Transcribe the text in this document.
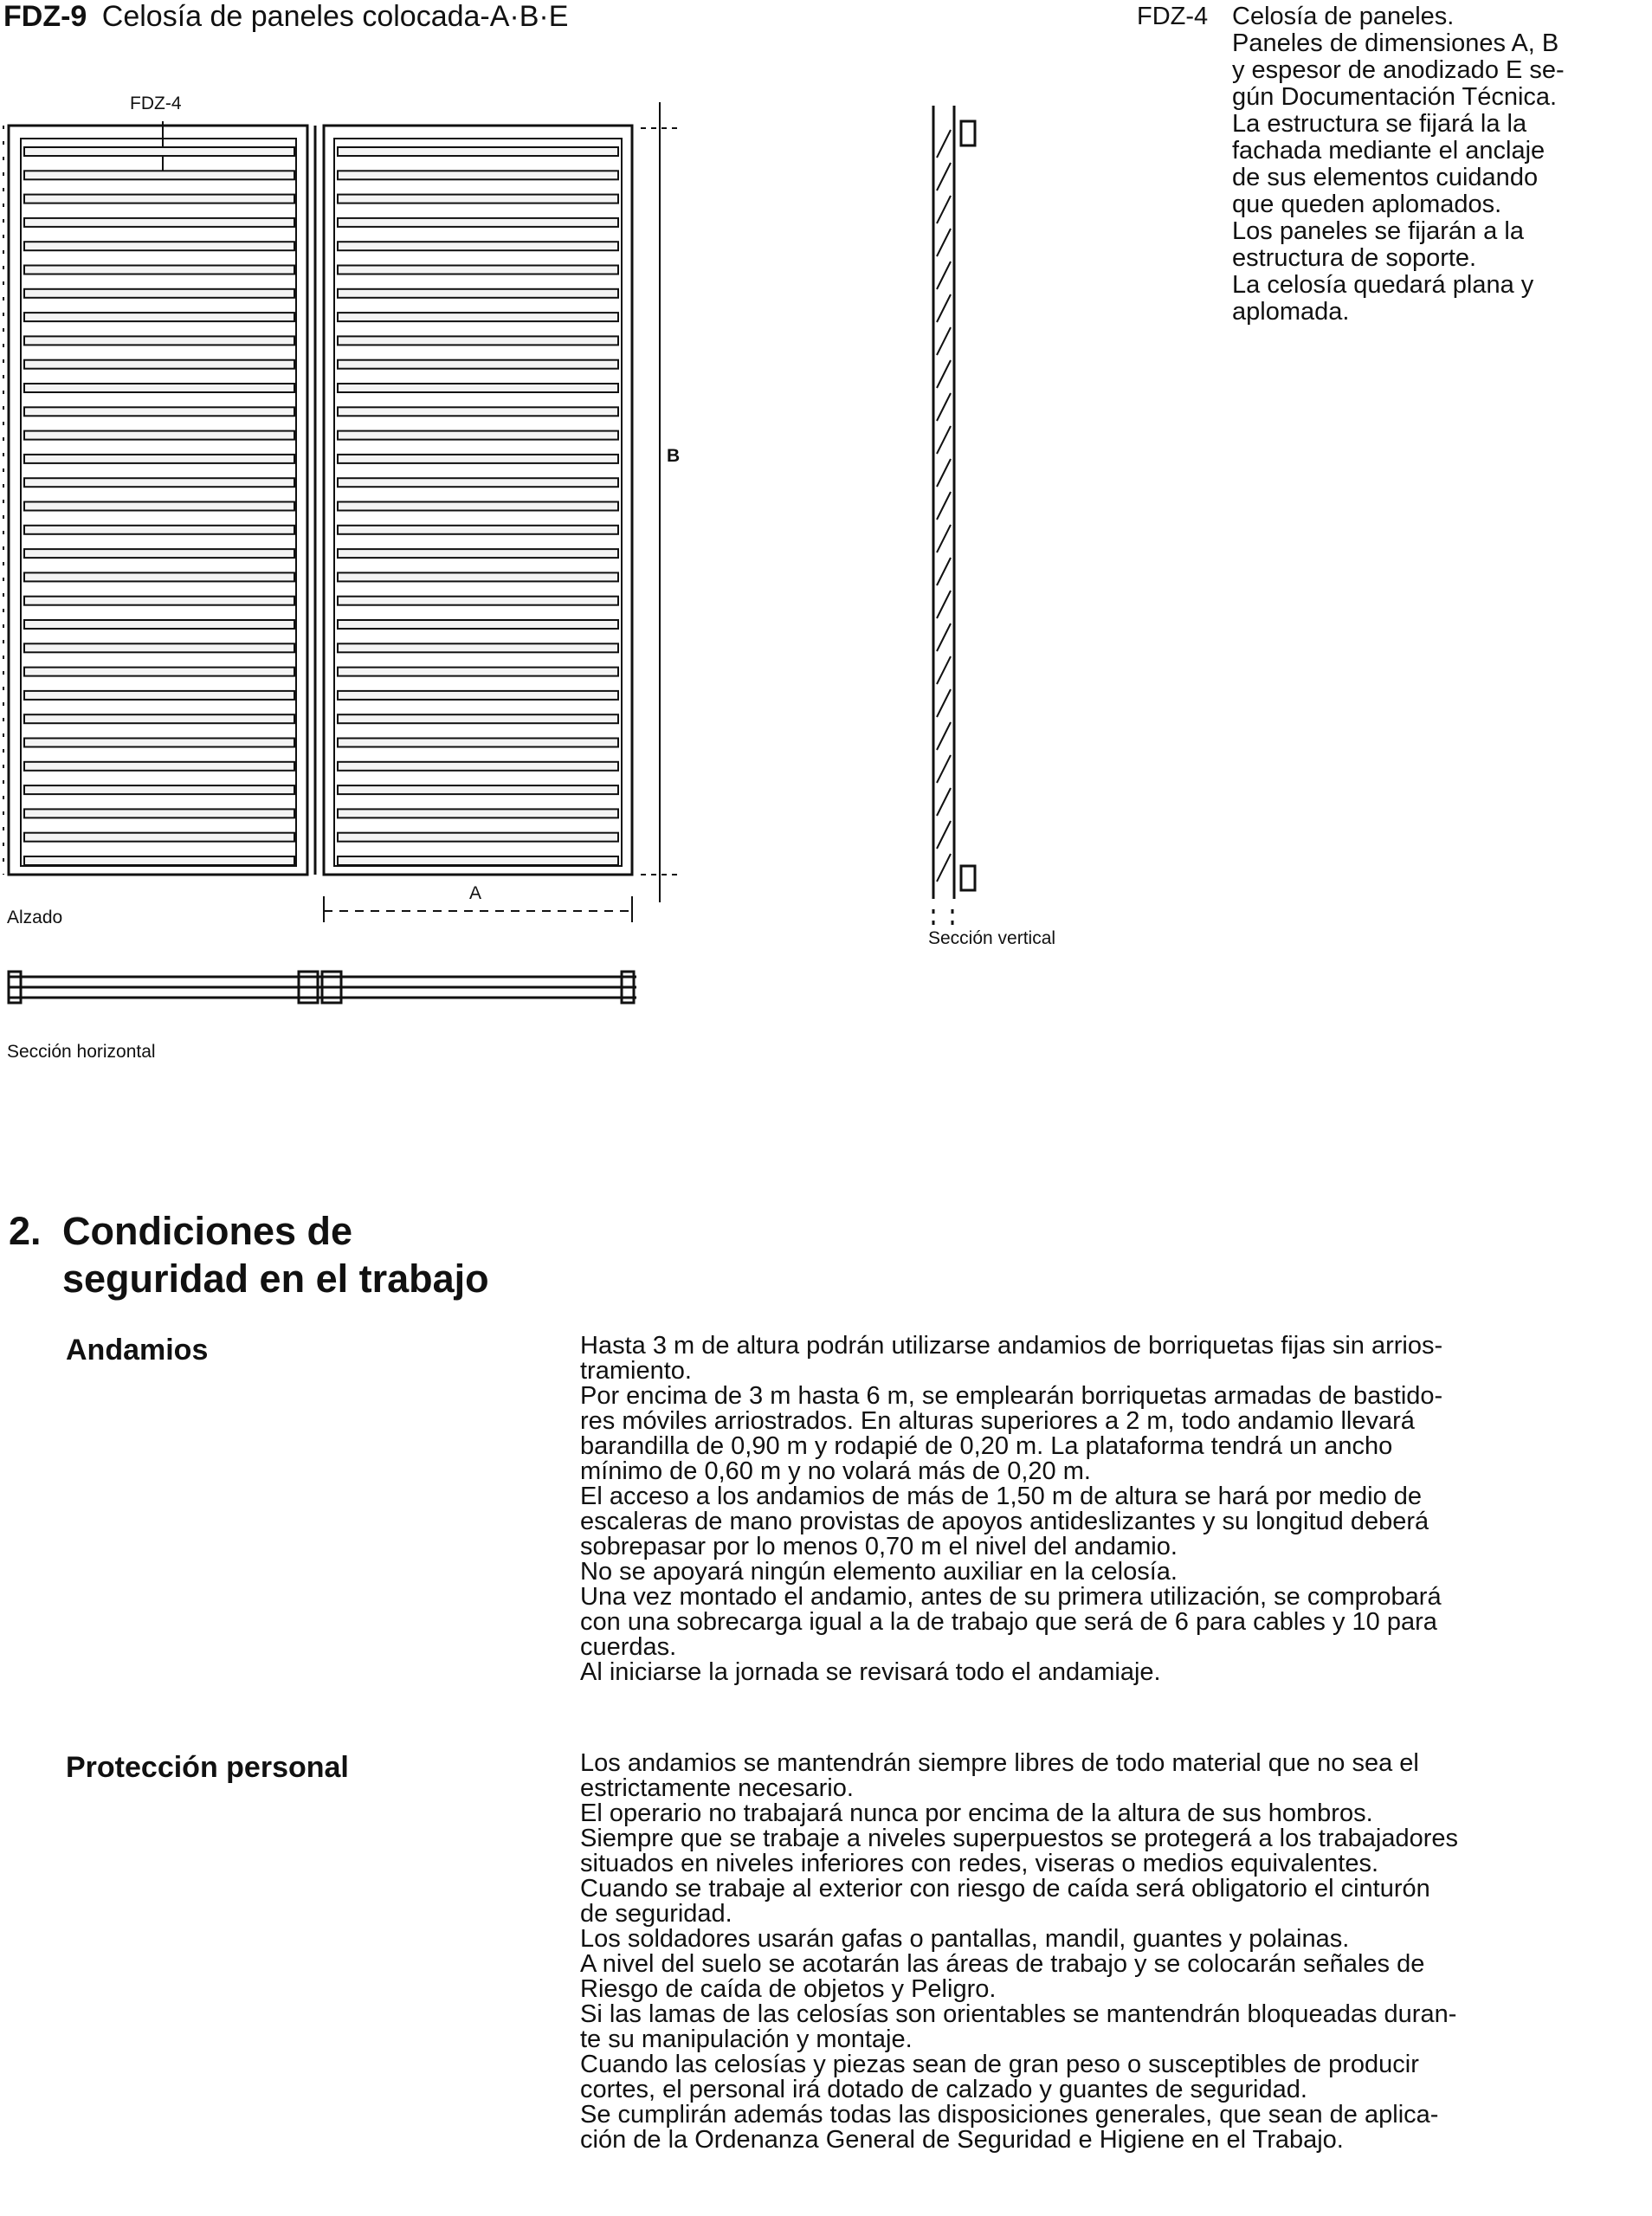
FDZ-9 Celosía de paneles colocada-A·B·E
FDZ-4
B
A
Alzado
Sección horizontal
Sección vertical
FDZ-4 Celosía de paneles.
Paneles de dimensiones A, B
y espesor de anodizado E se-
gún Documentación Técnica.
La estructura se fijará la la
fachada mediante el anclaje
de sus elementos cuidando
que queden aplomados.
Los paneles se fijarán a la
estructura de soporte.
La celosía quedará plana y
aplomada.
2. Condiciones de
seguridad en el trabajo
Andamios	Hasta 3 m de altura podrán utilizarse andamios de borriquetas fijas sin arrios-
tramiento.
Por encima de 3 m hasta 6 m, se emplearán borriquetas armadas de bastido-
res móviles arriostrados. En alturas superiores a 2 m, todo andamio llevará
barandilla de 0,90 m y rodapié de 0,20 m. La plataforma tendrá un ancho
mínimo de 0,60 m y no volará más de 0,20 m.
El acceso a los andamios de más de 1,50 m de altura se hará por medio de
escaleras de mano provistas de apoyos antideslizantes y su longitud deberá
sobrepasar por lo menos 0,70 m el nivel del andamio.
No se apoyará ningún elemento auxiliar en la celosía.
Una vez montado el andamio, antes de su primera utilización, se comprobará
con una sobrecarga igual a la de trabajo que será de 6 para cables y 10 para
cuerdas.
Al iniciarse la jornada se revisará todo el andamiaje.
Protección personal	Los andamios se mantendrán siempre libres de todo material que no sea el
estrictamente necesario.
El operario no trabajará nunca por encima de la altura de sus hombros.
Siempre que se trabaje a niveles superpuestos se protegerá a los trabajadores
situados en niveles inferiores con redes, viseras o medios equivalentes.
Cuando se trabaje al exterior con riesgo de caída será obligatorio el cinturón
de seguridad.
Los soldadores usarán gafas o pantallas, mandil, guantes y polainas.
A nivel del suelo se acotarán las áreas de trabajo y se colocarán señales de
Riesgo de caída de objetos y Peligro.
Si las lamas de las celosías son orientables se mantendrán bloqueadas duran-
te su manipulación y montaje.
Cuando las celosías y piezas sean de gran peso o susceptibles de producir
cortes, el personal irá dotado de calzado y guantes de seguridad.
Se cumplirán además todas las disposiciones generales, que sean de aplica-
ción de la Ordenanza General de Seguridad e Higiene en el Trabajo.
